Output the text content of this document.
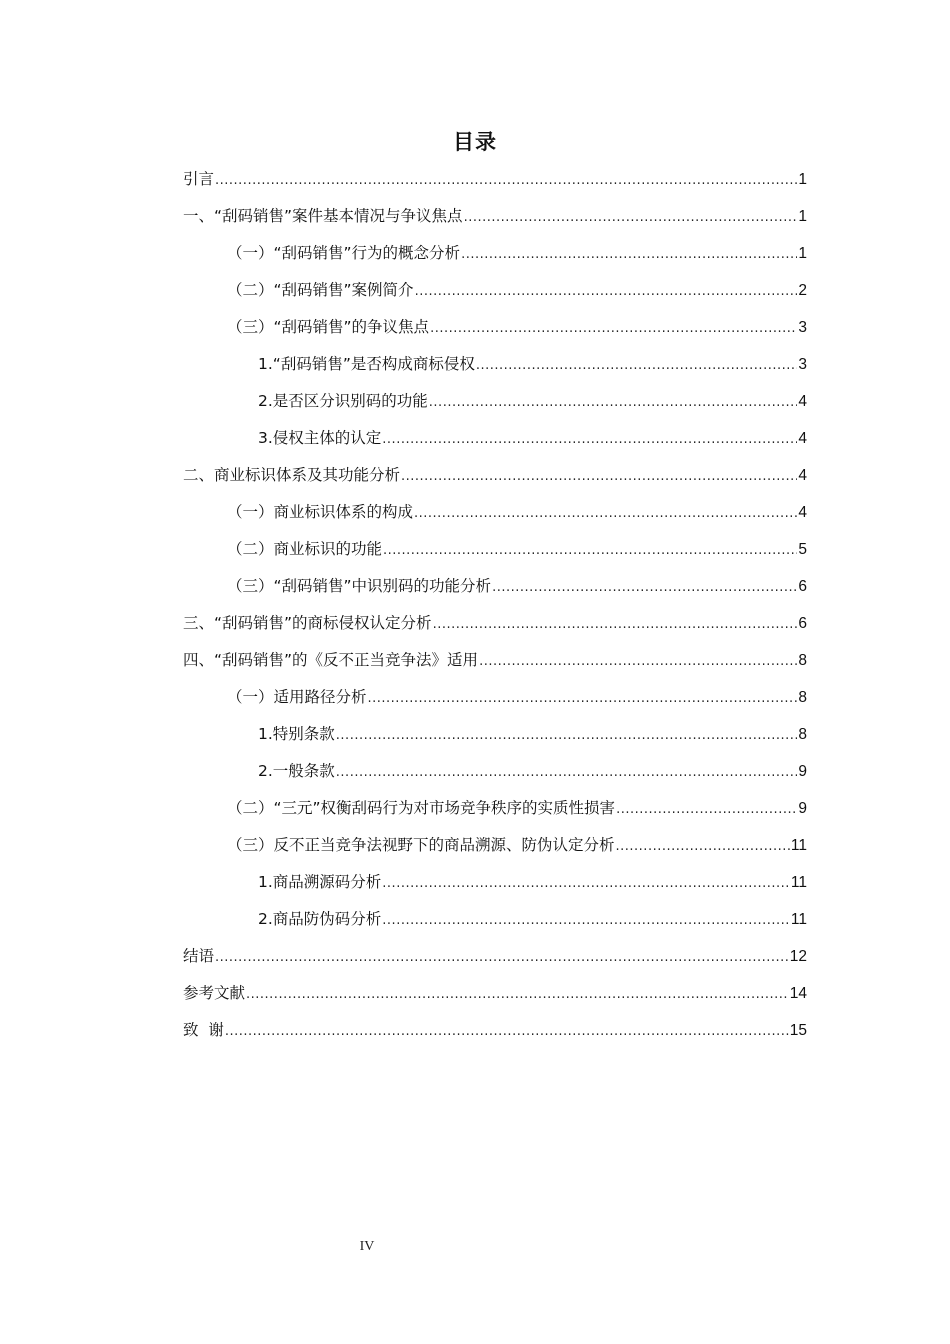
目录
引言 .....	1
一、“刮码销售”案件基本情况与争议焦点 .....	1
（一）“刮码销售”行为的概念分析 .....	1
（二）“刮码销售”案例简介 .....	2
（三）“刮码销售”的争议焦点 .....	3
1.“刮码销售”是否构成商标侵权 .....	3
2.是否区分识别码的功能 .....	4
3.侵权主体的认定 .....	4
二、商业标识体系及其功能分析 .....	4
（一）商业标识体系的构成 .....	4
（二）商业标识的功能 .....	5
（三）“刮码销售”中识别码的功能分析 .....	6
三、“刮码销售”的商标侵权认定分析 .....	6
四、“刮码销售”的《反不正当竞争法》适用 .....	8
（一）适用路径分析 .....	8
1.特别条款 .....	8
2.一般条款 .....	9
（二）“三元”权衡刮码行为对市场竞争秩序的实质性损害 .....	9
（三）反不正当竞争法视野下的商品溯源、防伪认定分析 .....	11
1.商品溯源码分析 .....	11
2.商品防伪码分析 .....	11
结语 .....	12
参考文献 .....	14
致  谢 .....	15
IV
